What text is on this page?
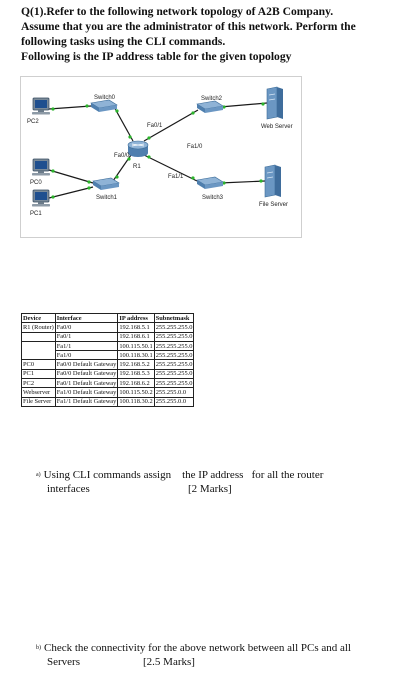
Q(1).Refer to the following network topology of A2B Company.
Assume that you are the administrator of this network. Perform the
following tasks using the CLI commands.
Following is the IP address table for the given topology
PC2
PC0
PC1
Switch0
Switch1
Switch2
Switch3
R1
Web Server
File Server
Fa0/1
Fa0/0
Fa1/0
Fa1/1
Device	Interface	IP address	Subnetmask
R1 (Router)	Fa0/0	192.168.5.1	255.255.255.0
	Fa0/1	192.168.6.1	255.255.255.0
	Fa1/1	100.115.50.1	255.255.255.0
	Fa1/0	100.118.30.1	255.255.255.0
PC0	Fa0/0 Default Gateway	192.168.5.2	255.255.255.0
PC1	Fa0/0 Default Gateway	192.168.5.3	255.255.255.0
PC2	Fa0/1 Default Gateway	192.168.6.2	255.255.255.0
Webserver	Fa1/0 Default Gateway	100.115.50.2	255.255.0.0
File Server	Fa1/1 Default Gateway	100.118.30.2	255.255.0.0
a) Using CLI commands assign    the IP address   for all the router
interfaces	[2 Marks]
b) Check the connectivity for the above network between all PCs and all
Servers	[2.5 Marks]
